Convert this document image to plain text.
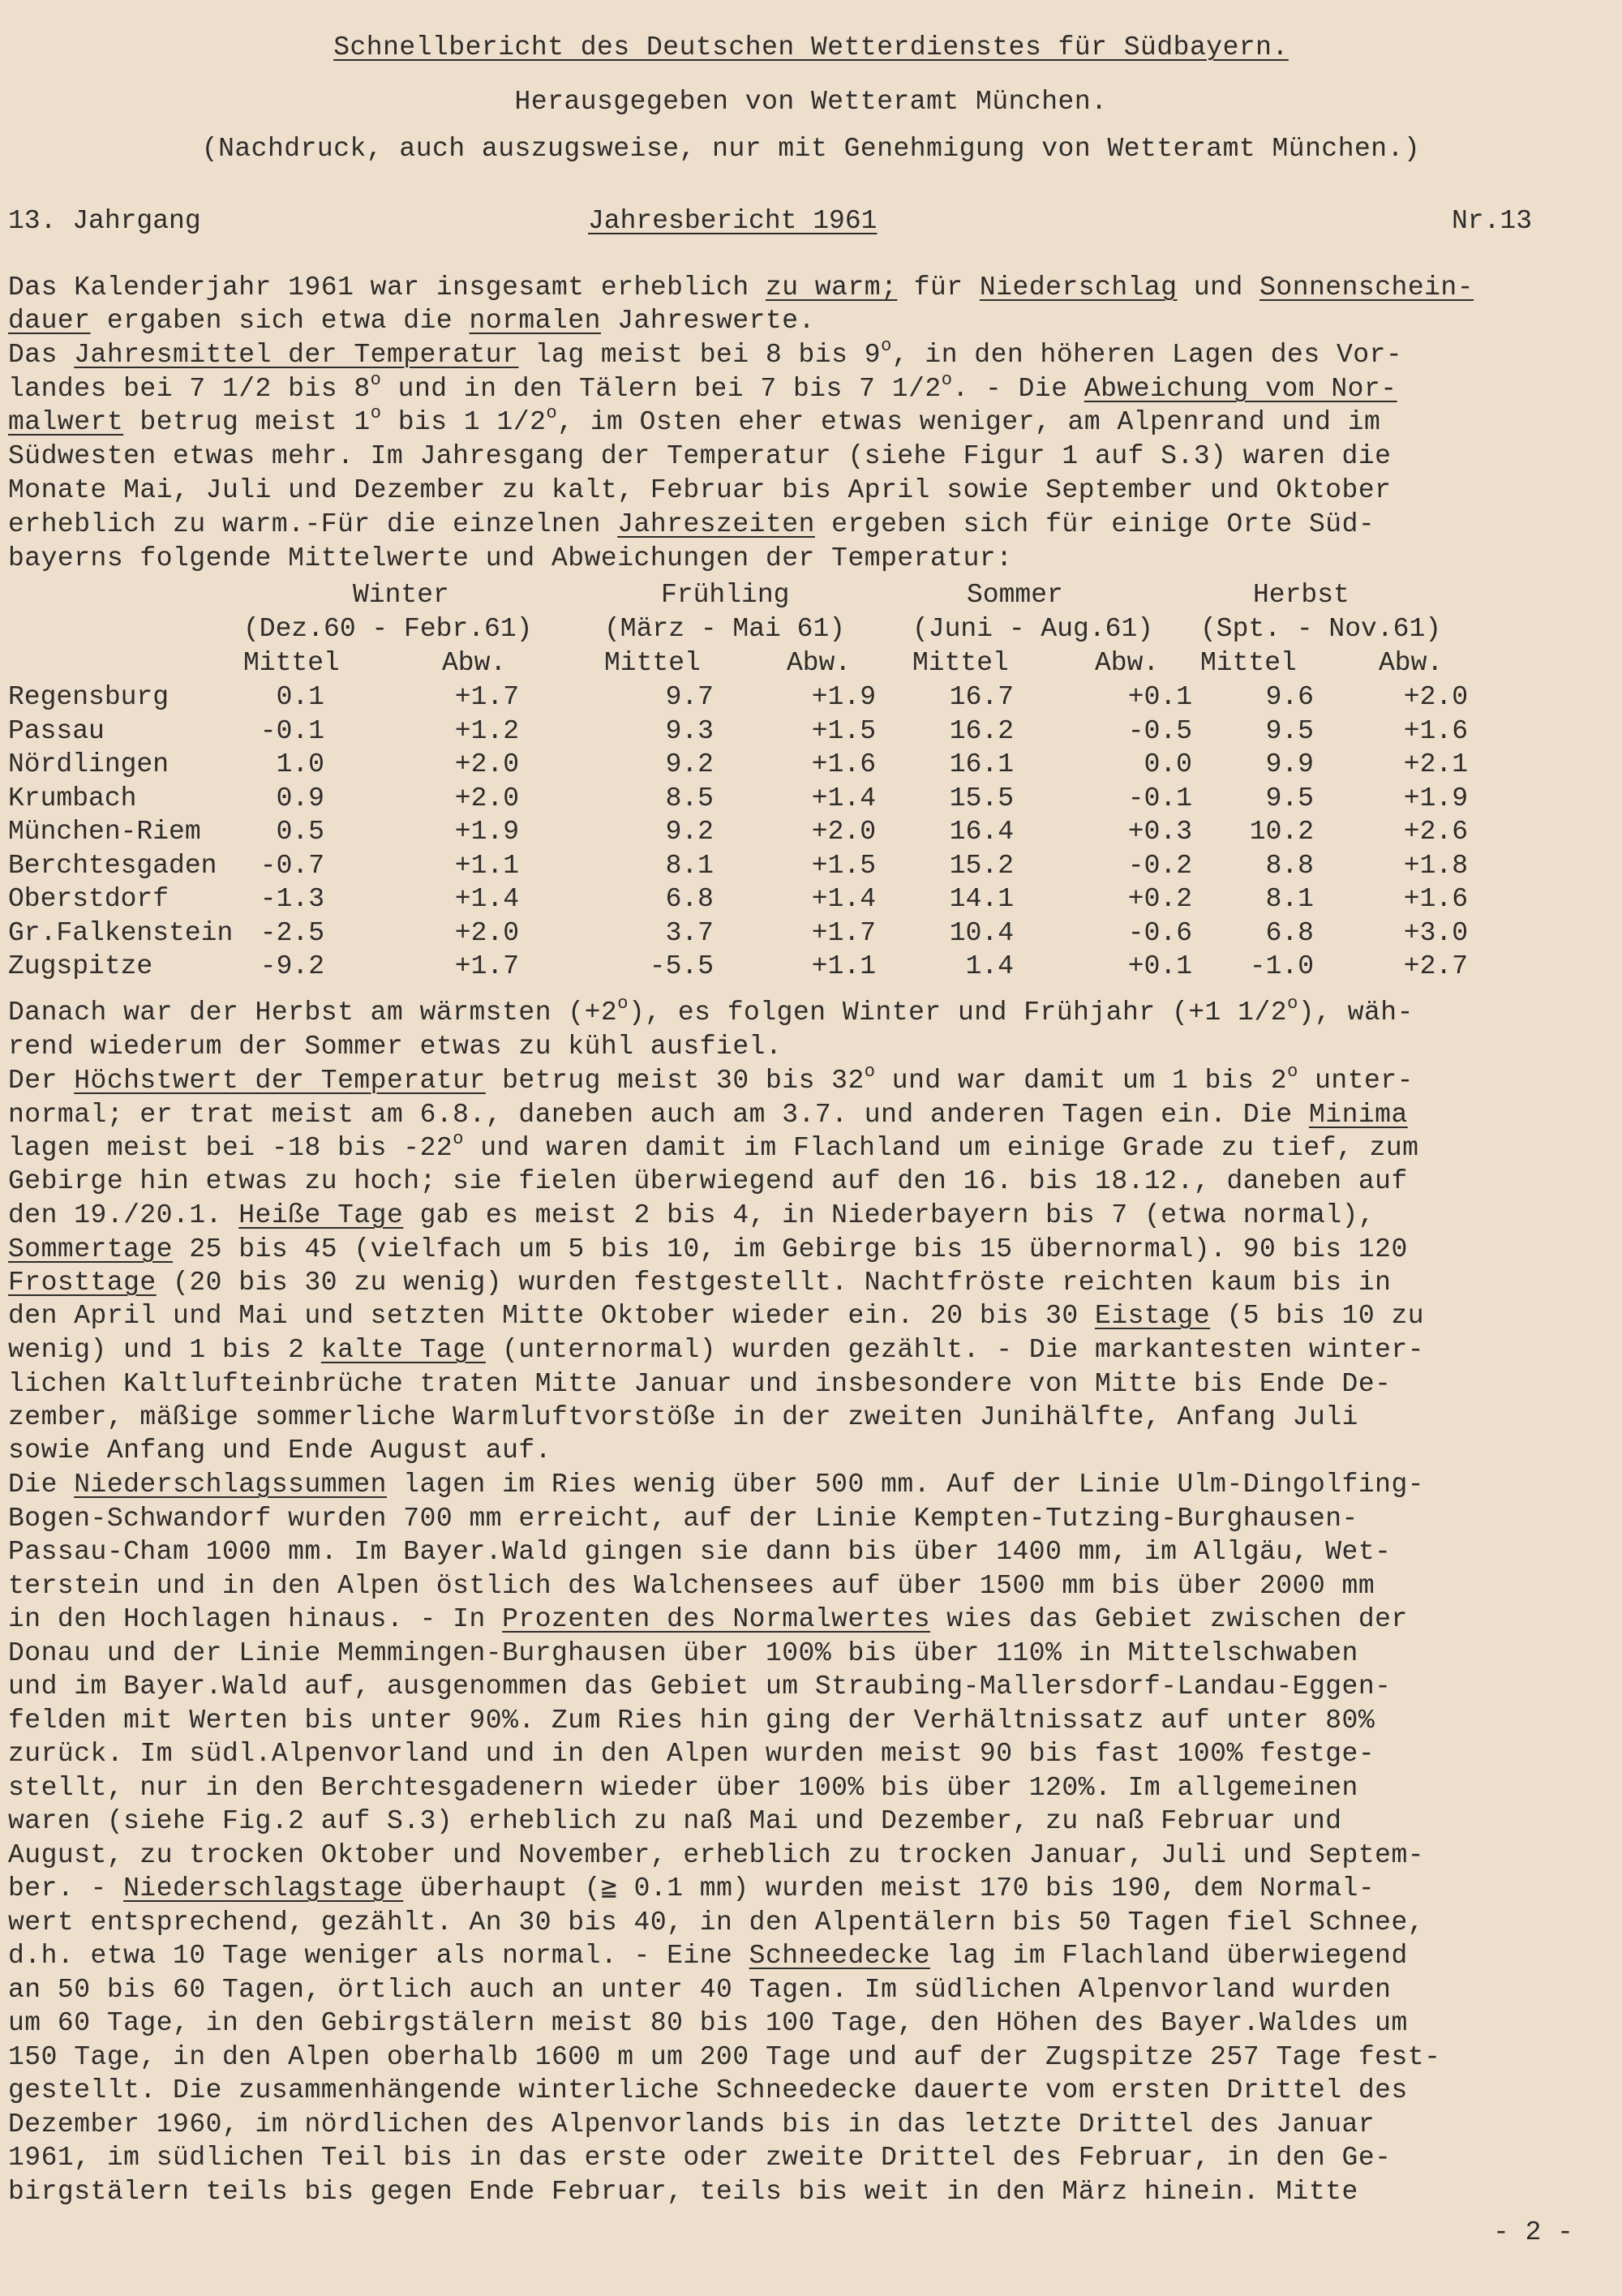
Schnellbericht des Deutschen Wetterdienstes für Südbayern.
Herausgegeben von Wetteramt München.
(Nachdruck, auch auszugsweise, nur mit Genehmigung von Wetteramt München.)
13. Jahrgang	Jahresbericht 1961	Nr.13
Das Kalenderjahr 1961 war insgesamt erheblich zu warm; für Niederschlag und Sonnenschein-
dauer ergaben sich etwa die normalen Jahreswerte.
Das Jahresmittel der Temperatur lag meist bei 8 bis 9$^o$, in den höheren Lagen des Vor-
landes bei 7 1/2 bis 8$^o$ und in den Tälern bei 7 bis 7 1/2$^o$. - Die Abweichung vom Nor-
malwert betrug meist 1$^o$ bis 1 1/2$^o$, im Osten eher etwas weniger, am Alpenrand und im
Südwesten etwas mehr. Im Jahresgang der Temperatur (siehe Figur 1 auf S.3) waren die
Monate Mai, Juli und Dezember zu kalt, Februar bis April sowie September und Oktober
erheblich zu warm.-Für die einzelnen Jahreszeiten ergeben sich für einige Orte Süd-
bayerns folgende Mittelwerte und Abweichungen der Temperatur:
Winter	Frühling	Sommer	Herbst
(Dez.60 - Febr.61)	(März - Mai 61)	(Juni - Aug.61) (Spt. - Nov.61)
Mittel	Abw.	Mittel	Abw. Mittel	Abw. Mittel	Abw.
Regensburg	0.1	+1.7	9.7	+1.9	16.7	+0.1	9.6	+2.0
Passau	-0.1	+1.2	9.3	+1.5	16.2	-0.5	9.5	+1.6
Nördlingen	1.0	+2.0	9.2	+1.6	16.1	0.0	9.9	+2.1
Krumbach	0.9	+2.0	8.5	+1.4	15.5	-0.1	9.5	+1.9
München-Riem	0.5	+1.9	9.2	+2.0	16.4	+0.3	10.2	+2.6
Berchtesgaden	-0.7	+1.1	8.1	+1.5	15.2	-0.2	8.8	+1.8
Oberstdorf	-1.3	+1.4	6.8	+1.4	14.1	+0.2	8.1	+1.6
Gr.Falkenstein	-2.5	+2.0	3.7	+1.7	10.4	-0.6	6.8	+3.0
Zugspitze	-9.2	+1.7	-5.5	+1.1	1.4	+0.1	-1.0	+2.7
Danach war der Herbst am wärmsten $(+2^o)$, es folgen Winter und Frühjahr (+1 1/2$^o$), wäh-
rend wiederum der Sommer etwas zu kühl ausfiel.
Der Höchstwert der Temperatur betrug meist 30 bis 32$^o$ und war damit um 1 bis 2$^o$ unter-
normal; er trat meist am 6.8., daneben auch am 3.7. und anderen Tagen ein. Die Minima
lagen meist bei -18 bis -22$^o$ und waren damit im Flachland um einige Grade zu tief, zum
Gebirge hin etwas zu hoch; sie fielen überwiegend auf den 16. bis 18.12., daneben auf
den 19./20.1. Heiße Tage gab es meist 2 bis 4, in Niederbayern bis 7 (etwa normal),
Sommertage 25 bis 45 (vielfach um 5 bis 10, im Gebirge bis 15 übernormal). 90 bis 120
Frosttage (20 bis 30 zu wenig) wurden festgestellt. Nachtfröste reichten kaum bis in
den April und Mai und setzten Mitte Oktober wieder ein. 20 bis 30 Eistage (5 bis 10 zu
wenig) und 1 bis 2 kalte Tage (unternormal) wurden gezählt. - Die markantesten winter-
lichen Kaltlufteinbrüche traten Mitte Januar und insbesondere von Mitte bis Ende De-
zember, mäßige sommerliche Warmluftvorstöße in der zweiten Junihälfte, Anfang Juli
sowie Anfang und Ende August auf.
Die Niederschlagssummen lagen im Ries wenig über 500 mm. Auf der Linie Ulm-Dingolfing-
Bogen-Schwandorf wurden 700 mm erreicht, auf der Linie Kempten-Tutzing-Burghausen-
Passau-Cham 1000 mm. Im Bayer.Wald gingen sie dann bis über 1400 mm, im Allgäu, Wet-
terstein und in den Alpen östlich des Walchensees auf über 1500 mm bis über 2000 mm
in den Hochlagen hinaus. - In Prozenten des Normalwertes wies das Gebiet zwischen der
Donau und der Linie Memmingen-Burghausen über 100% bis über 110% in Mittelschwaben
und im Bayer.Wald auf, ausgenommen das Gebiet um Straubing-Mallersdorf-Landau-Eggen-
felden mit Werten bis unter 90%. Zum Ries hin ging der Verhältnissatz auf unter 80%
zurück. Im südl.Alpenvorland und in den Alpen wurden meist 90 bis fast 100% festge-
stellt, nur in den Berchtesgadenern wieder über 100% bis über 120%. Im allgemeinen
waren (siehe Fig.2 auf S.3) erheblich zu naß Mai und Dezember, zu naß Februar und
August, zu trocken Oktober und November, erheblich zu trocken Januar, Juli und Septem-
ber. - Niederschlagstage überhaupt (≧ 0.1 mm) wurden meist 170 bis 190, dem Normal-
wert entsprechend, gezählt. An 30 bis 40, in den Alpentälern bis 50 Tagen fiel Schnee,
d.h. etwa 10 Tage weniger als normal. - Eine Schneedecke lag im Flachland überwiegend
an 50 bis 60 Tagen, örtlich auch an unter 40 Tagen. Im südlichen Alpenvorland wurden
um 60 Tage, in den Gebirgstälern meist 80 bis 100 Tage, den Höhen des Bayer.Waldes um
150 Tage, in den Alpen oberhalb 1600 m um 200 Tage und auf der Zugspitze 257 Tage fest-
gestellt. Die zusammenhängende winterliche Schneedecke dauerte vom ersten Drittel des
Dezember 1960, im nördlichen des Alpenvorlands bis in das letzte Drittel des Januar
1961, im südlichen Teil bis in das erste oder zweite Drittel des Februar, in den Ge-
birgstälern teils bis gegen Ende Februar, teils bis weit in den März hinein. Mitte
- 2 -
